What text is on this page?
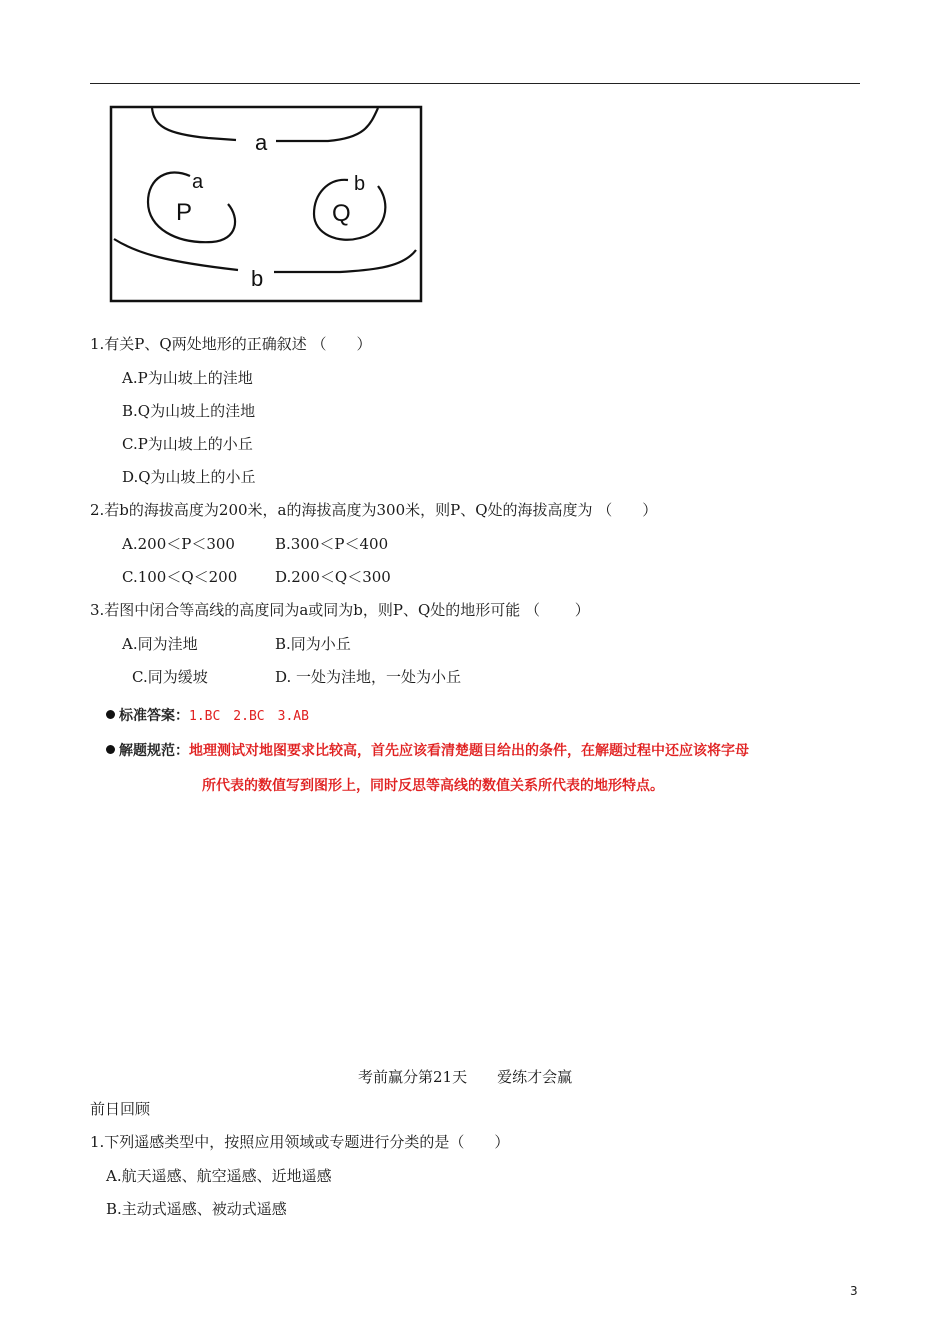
a
b
a
P
b
Q
1.有关P、Q两处地形的正确叙述 （　　）
A.P为山坡上的洼地
B.Q为山坡上的洼地
C.P为山坡上的小丘
D.Q为山坡上的小丘
2.若b的海拔高度为200米，a的海拔高度为300米，则P、Q处的海拔高度为 （　　）
A.200＜P＜300	B.300＜P＜400
C.100＜Q＜200	D.200＜Q＜300
3.若图中闭合等高线的高度同为a或同为b，则P、Q处的地形可能 （　　 ）
A.同为洼地	B.同为小丘
C.同为缓坡	D. 一处为洼地，一处为小丘
标准答案：1.BC　2.BC　3.AB
解题规范：地理测试对地图要求比较高，首先应该看清楚题目给出的条件，在解题过程中还应该将字母
所代表的数值写到图形上，同时反思等高线的数值关系所代表的地形特点。
考前赢分第21天　　爱练才会赢
前日回顾
1.下列遥感类型中，按照应用领域或专题进行分类的是（　　）
A.航天遥感、航空遥感、近地遥感
B.主动式遥感、被动式遥感
3
